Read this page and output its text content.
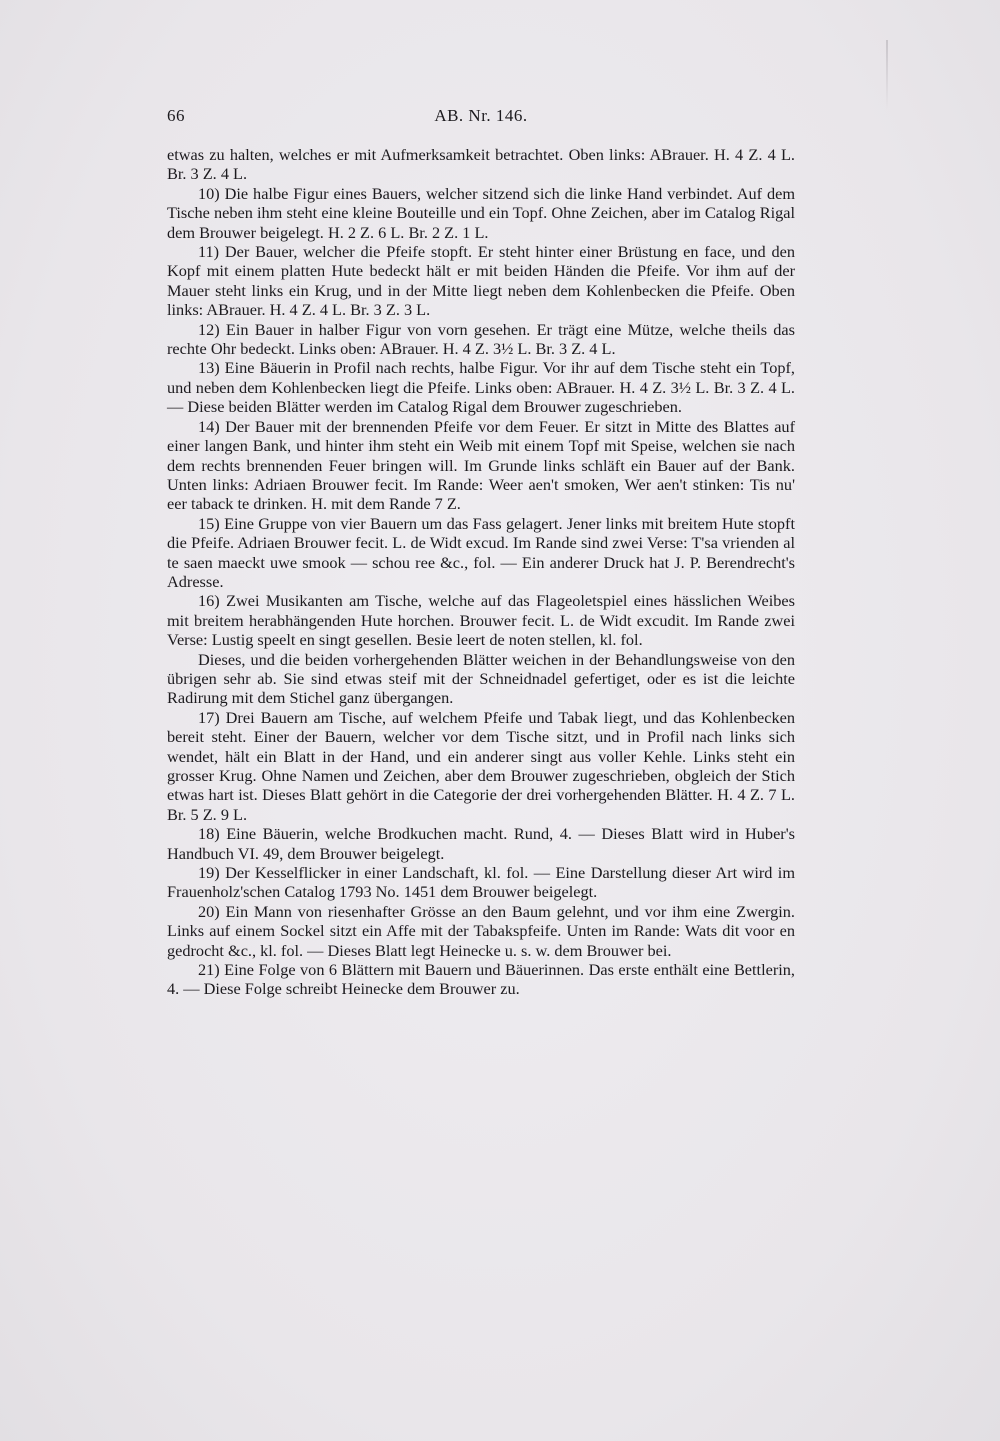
66	AB. Nr. 146.

etwas zu halten, welches er mit Aufmerksamkeit betrachtet. Oben links: ABrauer. H. 4 Z. 4 L. Br. 3 Z. 4 L.

10) Die halbe Figur eines Bauers, welcher sitzend sich die linke Hand verbindet. Auf dem Tische neben ihm steht eine kleine Bouteille und ein Topf. Ohne Zeichen, aber im Catalog Rigal dem Brouwer beigelegt. H. 2 Z. 6 L. Br. 2 Z. 1 L.

11) Der Bauer, welcher die Pfeife stopft. Er steht hinter einer Brüstung en face, und den Kopf mit einem platten Hute bedeckt hält er mit beiden Händen die Pfeife. Vor ihm auf der Mauer steht links ein Krug, und in der Mitte liegt neben dem Kohlenbecken die Pfeife. Oben links: ABrauer. H. 4 Z. 4 L. Br. 3 Z. 3 L.

12) Ein Bauer in halber Figur von vorn gesehen. Er trägt eine Mütze, welche theils das rechte Ohr bedeckt. Links oben: ABrauer. H. 4 Z. 3½ L. Br. 3 Z. 4 L.

13) Eine Bäuerin in Profil nach rechts, halbe Figur. Vor ihr auf dem Tische steht ein Topf, und neben dem Kohlenbecken liegt die Pfeife. Links oben: ABrauer. H. 4 Z. 3½ L. Br. 3 Z. 4 L. — Diese beiden Blätter werden im Catalog Rigal dem Brouwer zugeschrieben.

14) Der Bauer mit der brennenden Pfeife vor dem Feuer. Er sitzt in Mitte des Blattes auf einer langen Bank, und hinter ihm steht ein Weib mit einem Topf mit Speise, welchen sie nach dem rechts brennenden Feuer bringen will. Im Grunde links schläft ein Bauer auf der Bank. Unten links: Adriaen Brouwer fecit. Im Rande: Weer aen't smoken, Wer aen't stinken: Tis nu' eer taback te drinken. H. mit dem Rande 7 Z.

15) Eine Gruppe von vier Bauern um das Fass gelagert. Jener links mit breitem Hute stopft die Pfeife. Adriaen Brouwer fecit. L. de Widt excud. Im Rande sind zwei Verse: T'sa vrienden al te saen maeckt uwe smook — schou ree &c., fol. — Ein anderer Druck hat J. P. Berendrecht's Adresse.

16) Zwei Musikanten am Tische, welche auf das Flageoletspiel eines hässlichen Weibes mit breitem herabhängenden Hute horchen. Brouwer fecit. L. de Widt excudit. Im Rande zwei Verse: Lustig speelt en singt gesellen. Besie leert de noten stellen, kl. fol.

Dieses, und die beiden vorhergehenden Blätter weichen in der Behandlungsweise von den übrigen sehr ab. Sie sind etwas steif mit der Schneidnadel gefertiget, oder es ist die leichte Radirung mit dem Stichel ganz übergangen.

17) Drei Bauern am Tische, auf welchem Pfeife und Tabak liegt, und das Kohlenbecken bereit steht. Einer der Bauern, welcher vor dem Tische sitzt, und in Profil nach links sich wendet, hält ein Blatt in der Hand, und ein anderer singt aus voller Kehle. Links steht ein grosser Krug. Ohne Namen und Zeichen, aber dem Brouwer zugeschrieben, obgleich der Stich etwas hart ist. Dieses Blatt gehört in die Categorie der drei vorhergehenden Blätter. H. 4 Z. 7 L. Br. 5 Z. 9 L.

18) Eine Bäuerin, welche Brodkuchen macht. Rund, 4. — Dieses Blatt wird in Huber's Handbuch VI. 49, dem Brouwer beigelegt.

19) Der Kesselflicker in einer Landschaft, kl. fol. — Eine Darstellung dieser Art wird im Frauenholz'schen Catalog 1793 No. 1451 dem Brouwer beigelegt.

20) Ein Mann von riesenhafter Grösse an den Baum gelehnt, und vor ihm eine Zwergin. Links auf einem Sockel sitzt ein Affe mit der Tabakspfeife. Unten im Rande: Wats dit voor en gedrocht &c., kl. fol. — Dieses Blatt legt Heinecke u. s. w. dem Brouwer bei.

21) Eine Folge von 6 Blättern mit Bauern und Bäuerinnen. Das erste enthält eine Bettlerin, 4. — Diese Folge schreibt Heinecke dem Brouwer zu.
